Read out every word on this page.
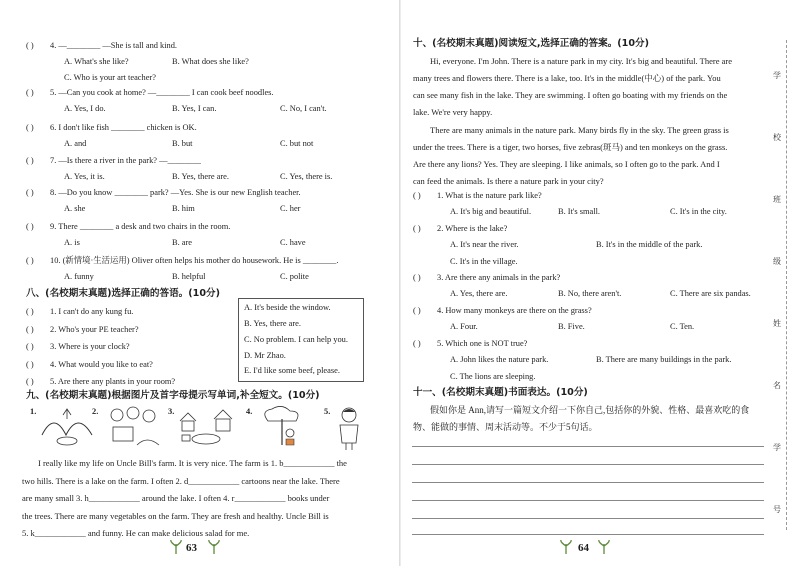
( ) 4. —________ —She is tall and kind.
A. What's she like?	B. What does she like?
C. Who is your art teacher?
( ) 5. —Can you cook at home? —________ I can cook beef noodles.
A. Yes, I do.	B. Yes, I can.	C. No, I can't.
( ) 6. I don't like fish ________ chicken is OK.
A. and	B. but	C. but not
( ) 7. —Is there a river in the park? —________
A. Yes, it is.	B. Yes, there are.	C. Yes, there is.
( ) 8. —Do you know ________ park? —Yes. She is our new English teacher.
A. she	B. him	C. her
( ) 9. There ________ a desk and two chairs in the room.
A. is	B. are	C. have
( ) 10. (新情境·生活运用) Oliver often helps his mother do housework. He is ________.
A. funny	B. helpful	C. polite
八、(名校期末真题)选择正确的答语。(10分)
( ) 1. I can't do any kung fu.
( ) 2. Who's your PE teacher?
( ) 3. Where is your clock?
( ) 4. What would you like to eat?
( ) 5. Are there any plants in your room?
A. It's beside the window.
B. Yes, there are.
C. No problem. I can help you.
D. Mr Zhao.
E. I'd like some beef, please.
九、(名校期末真题)根据图片及首字母提示写单词,补全短文。(10分)
1.	2.	3.	4.	5.
I really like my life on Uncle Bill's farm. It is very nice. The farm is 1. b____________ the
two hills. There is a lake on the farm. I often 2. d____________ cartoons near the lake. There
are many small 3. h____________ around the lake. I often 4. r____________ books under
the trees. There are many vegetables on the farm. They are fresh and healthy. Uncle Bill is
5. k____________ and funny. He can make delicious salad for me.
63
十、(名校期末真题)阅读短文,选择正确的答案。(10分)
Hi, everyone. I'm John. There is a nature park in my city. It's big and beautiful. There are
many trees and flowers there. There is a lake, too. It's in the middle(中心) of the park. You
can see many fish in the lake. They are swimming. I often go boating with my friends on the
lake. We're very happy.
There are many animals in the nature park. Many birds fly in the sky. The green grass is
under the trees. There is a tiger, two horses, five zebras(斑马) and ten monkeys on the grass.
Are there any lions? Yes. They are sleeping. I like animals, so I often go to the park. And I
can feed the animals. Is there a nature park in your city?
( ) 1. What is the nature park like?
A. It's big and beautiful.	B. It's small.	C. It's in the city.
( ) 2. Where is the lake?
A. It's near the river.	B. It's in the middle of the park.
C. It's in the village.
( ) 3. Are there any animals in the park?
A. Yes, there are.	B. No, there aren't.	C. There are six pandas.
( ) 4. How many monkeys are there on the grass?
A. Four.	B. Five.	C. Ten.
( ) 5. Which one is NOT true?
A. John likes the nature park.	B. There are many buildings in the park.
C. The lions are sleeping.
十一、(名校期末真题)书面表达。(10分)
假如你是 Ann,请写一篇短文介绍一下你自己,包括你的外貌、性格、最喜欢吃的食
物、能做的事情、周末活动等。不少于5句话。
64
学
校
班
级
姓
名
学
号
